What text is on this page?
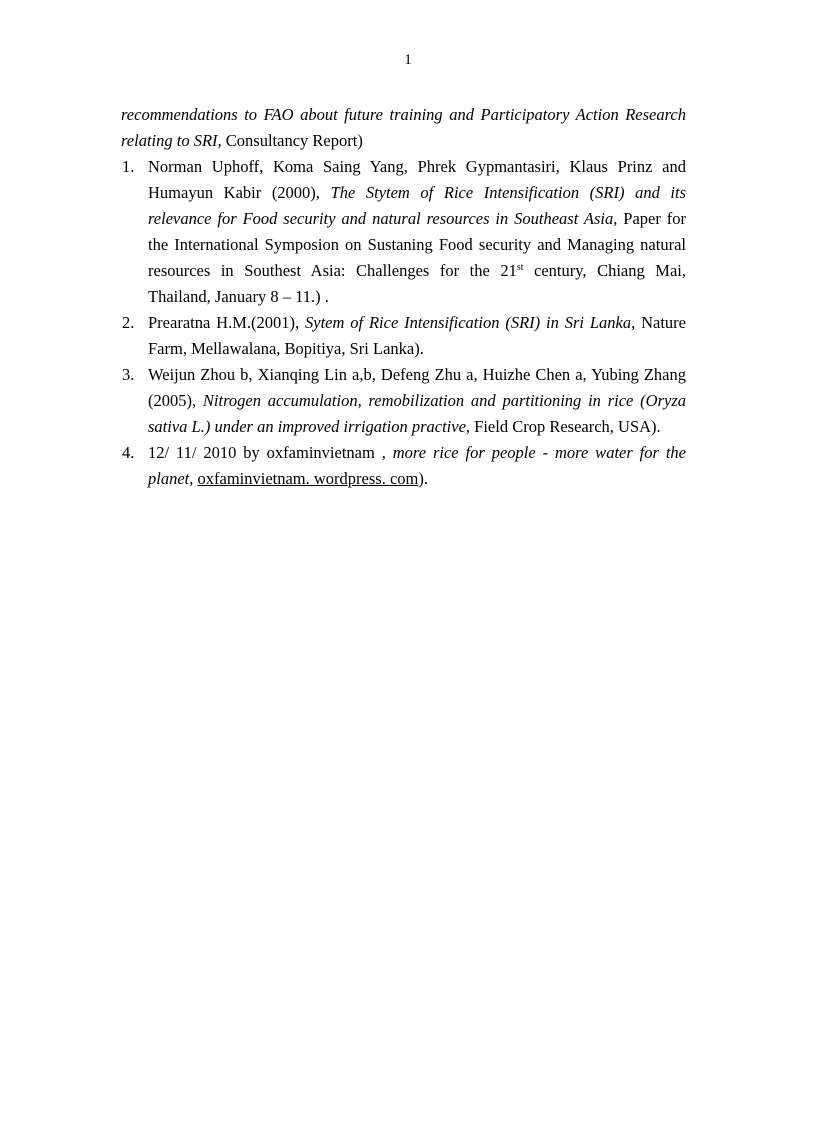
1

recommendations to FAO about future training and Participatory Action Research relating to SRI, Consultancy Report)

1. Norman Uphoff, Koma Saing Yang, Phrek Gypmantasiri, Klaus Prinz and Humayun Kabir (2000), The Stytem of Rice Intensification (SRI) and its relevance for Food security and natural resources in Southeast Asia, Paper for the International Symposion on Sustaning Food security and Managing natural resources in Southest Asia: Challenges for the 21st century, Chiang Mai, Thailand, January 8 – 11.) .
2. Prearatna H.M.(2001), Sytem of Rice Intensification (SRI) in Sri Lanka, Nature Farm, Mellawalana, Bopitiya, Sri Lanka).
3. Weijun Zhou b, Xianqing Lin a,b, Defeng Zhu a, Huizhe Chen a, Yubing Zhang (2005), Nitrogen accumulation, remobilization and partitioning in rice (Oryza sativa L.) under an improved irrigation practive, Field Crop Research, USA).
4. 12/ 11/ 2010 by oxfaminvietnam , more rice for people - more water for the planet, oxfaminvietnam. wordpress. com).
